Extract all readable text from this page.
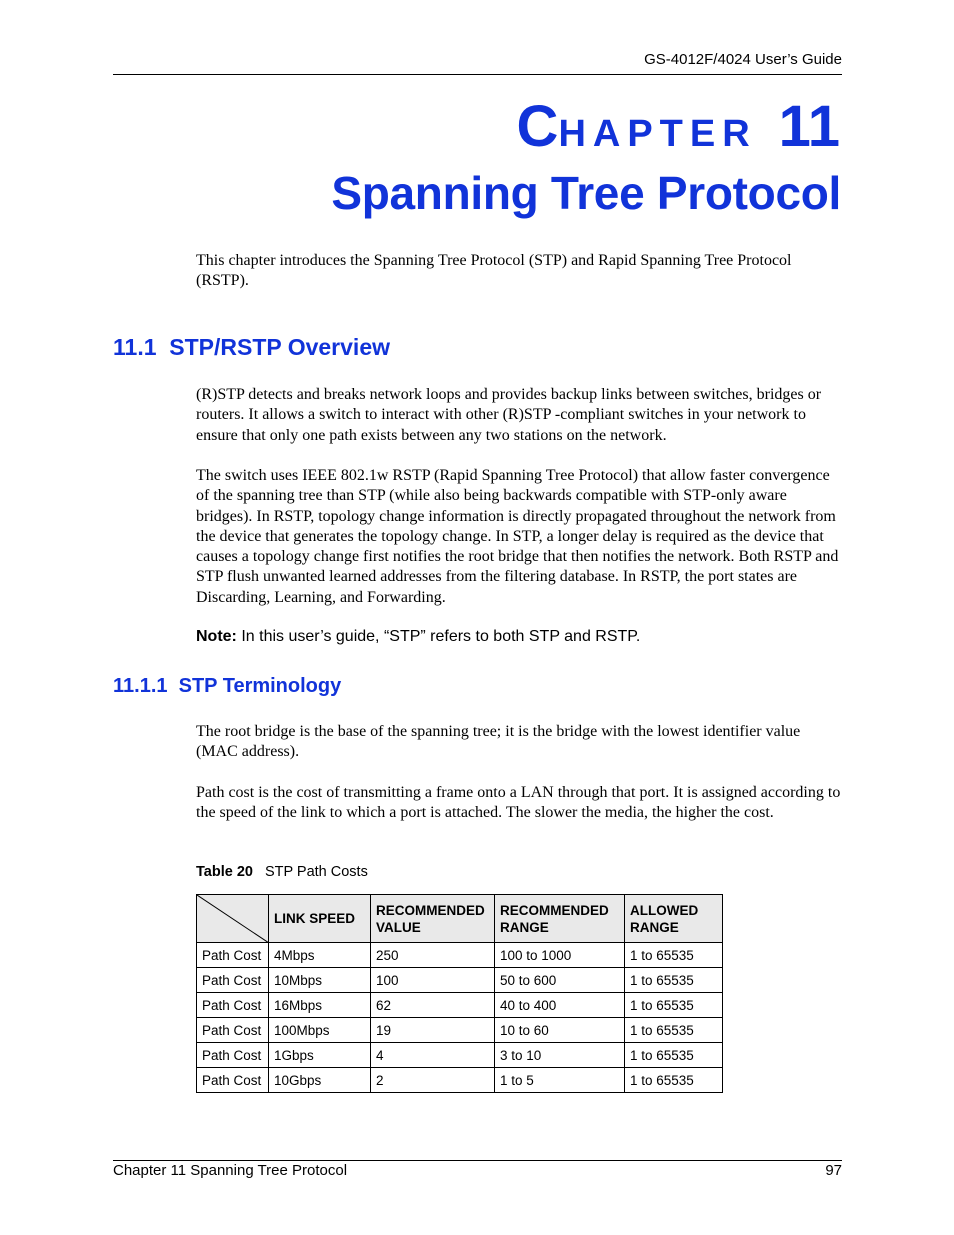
GS-4012F/4024 User’s Guide
CHAPTER 11
Spanning Tree Protocol
This chapter introduces the Spanning Tree Protocol (STP) and Rapid Spanning Tree Protocol (RSTP).
11.1  STP/RSTP Overview
(R)STP detects and breaks network loops and provides backup links between switches, bridges or routers. It allows a switch to interact with other (R)STP -compliant switches in your network to ensure that only one path exists between any two stations on the network.
The switch uses IEEE 802.1w RSTP (Rapid Spanning Tree Protocol) that allow faster convergence of the spanning tree than STP (while also being backwards compatible with STP-only aware bridges). In RSTP, topology change information is directly propagated throughout the network from the device that generates the topology change. In STP, a longer delay is required as the device that causes a topology change first notifies the root bridge that then notifies the network. Both RSTP and STP flush unwanted learned addresses from the filtering database. In RSTP, the port states are Discarding, Learning, and Forwarding.
Note: In this user’s guide, “STP” refers to both STP and RSTP.
11.1.1  STP Terminology
The root bridge is the base of the spanning tree; it is the bridge with the lowest identifier value (MAC address).
Path cost is the cost of transmitting a frame onto a LAN through that port. It is assigned according to the speed of the link to which a port is attached. The slower the media, the higher the cost.
Table 20 STP Path Costs
	LINK SPEED	RECOMMENDED VALUE	RECOMMENDED RANGE	ALLOWED RANGE
Path Cost	4Mbps	250	100 to 1000	1 to 65535
Path Cost	10Mbps	100	50 to 600	1 to 65535
Path Cost	16Mbps	62	40 to 400	1 to 65535
Path Cost	100Mbps	19	10 to 60	1 to 65535
Path Cost	1Gbps	4	3 to 10	1 to 65535
Path Cost	10Gbps	2	1 to 5	1 to 65535
Chapter 11 Spanning Tree Protocol	97
